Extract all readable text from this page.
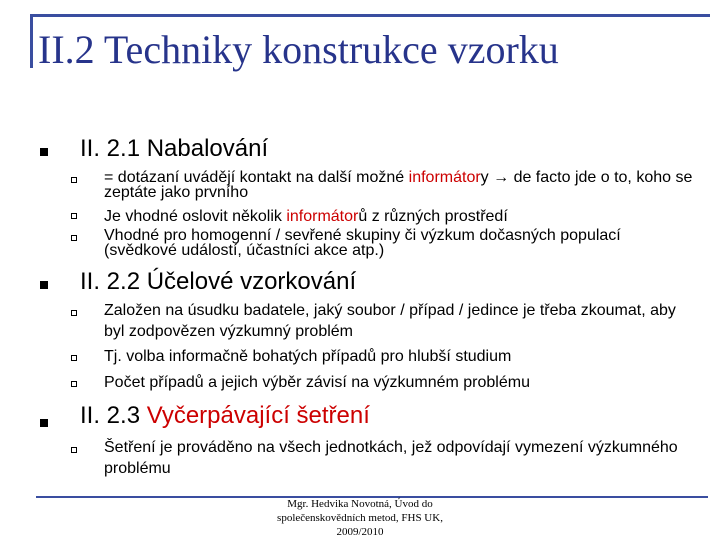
II.2 Techniky konstrukce vzorku
II. 2.1 Nabalování
= dotázaní uvádějí kontakt na další možné informátory → de facto jde o to, koho se zeptáte jako prvního
Je vhodné oslovit několik informátorů z různých prostředí
Vhodné pro homogenní / sevřené skupiny či výzkum dočasných populací (svědkové událostí, účastníci akce atp.)
II. 2.2 Účelové vzorkování
Založen na úsudku badatele, jaký soubor / případ / jedince je třeba zkoumat, aby byl zodpovězen výzkumný problém
Tj. volba informačně bohatých případů pro hlubší studium
Počet případů a jejich výběr závisí na výzkumném problému
II. 2.3 Vyčerpávající šetření
Šetření je prováděno na všech jednotkách, jež odpovídají vymezení výzkumného problému
Mgr. Hedvika Novotná, Úvod do
společenskovědních metod, FHS UK,
2009/2010
